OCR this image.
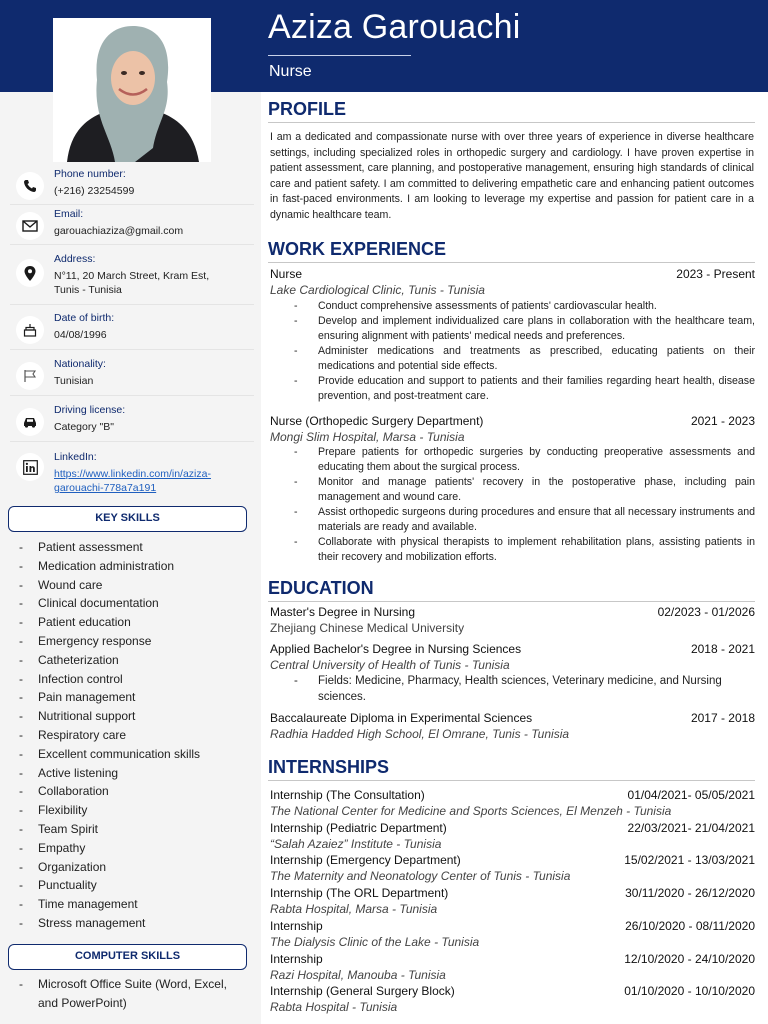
Aziza Garouachi
Nurse
Phone number:
(+216) 23254599
Email:
garouachiaziza@gmail.com
Address:
N°11, 20 March Street, Kram Est,
Tunis - Tunisia
Date of birth:
04/08/1996
Nationality:
Tunisian
Driving license:
Category "B"
LinkedIn:
https://www.linkedin.com/in/aziza-
garouachi-778a7a191
KEY SKILLS
- Patient assessment
- Medication administration
- Wound care
- Clinical documentation
- Patient education
- Emergency response
- Catheterization
- Infection control
- Pain management
- Nutritional support
- Respiratory care
- Excellent communication skills
- Active listening
- Collaboration
- Flexibility
- Team Spirit
- Empathy
- Organization
- Punctuality
- Time management
- Stress management
COMPUTER SKILLS
- Microsoft Office Suite (Word, Excel, and PowerPoint)
PROFILE
I am a dedicated and compassionate nurse with over three years of experience in diverse healthcare settings, including specialized roles in orthopedic surgery and cardiology. I have proven expertise in patient assessment, care planning, and postoperative management, ensuring high standards of clinical care and patient safety. I am committed to delivering empathetic care and enhancing patient outcomes in fast-paced environments. I am looking to leverage my expertise and passion for patient care in a dynamic healthcare team.
WORK EXPERIENCE
Nurse	2023 - Present
Lake Cardiological Clinic, Tunis - Tunisia
- Conduct comprehensive assessments of patients' cardiovascular health.
- Develop and implement individualized care plans in collaboration with the healthcare team, ensuring alignment with patients' medical needs and preferences.
- Administer medications and treatments as prescribed, educating patients on their medications and potential side effects.
- Provide education and support to patients and their families regarding heart health, disease prevention, and post-treatment care.
Nurse (Orthopedic Surgery Department)	2021 - 2023
Mongi Slim Hospital, Marsa - Tunisia
- Prepare patients for orthopedic surgeries by conducting preoperative assessments and educating them about the surgical process.
- Monitor and manage patients' recovery in the postoperative phase, including pain management and wound care.
- Assist orthopedic surgeons during procedures and ensure that all necessary instruments and materials are ready and available.
- Collaborate with physical therapists to implement rehabilitation plans, assisting patients in their recovery and mobilization efforts.
EDUCATION
Master's Degree in Nursing	02/2023 - 01/2026
Zhejiang Chinese Medical University
Applied Bachelor's Degree in Nursing Sciences	2018 - 2021
Central University of Health of Tunis - Tunisia
- Fields: Medicine, Pharmacy, Health sciences, Veterinary medicine, and Nursing sciences.
Baccalaureate Diploma in Experimental Sciences	2017 - 2018
Radhia Hadded High School, El Omrane, Tunis - Tunisia
INTERNSHIPS
Internship (The Consultation)	01/04/2021- 05/05/2021
The National Center for Medicine and Sports Sciences, El Menzeh - Tunisia
Internship (Pediatric Department)	22/03/2021- 21/04/2021
“Salah Azaiez” Institute - Tunisia
Internship (Emergency Department)	15/02/2021 - 13/03/2021
The Maternity and Neonatology Center of Tunis - Tunisia
Internship (The ORL Department)	30/11/2020 - 26/12/2020
Rabta Hospital, Marsa - Tunisia
Internship	26/10/2020 - 08/11/2020
The Dialysis Clinic of the Lake - Tunisia
Internship	12/10/2020 - 24/10/2020
Razi Hospital, Manouba - Tunisia
Internship (General Surgery Block)	01/10/2020 - 10/10/2020
Rabta Hospital - Tunisia
